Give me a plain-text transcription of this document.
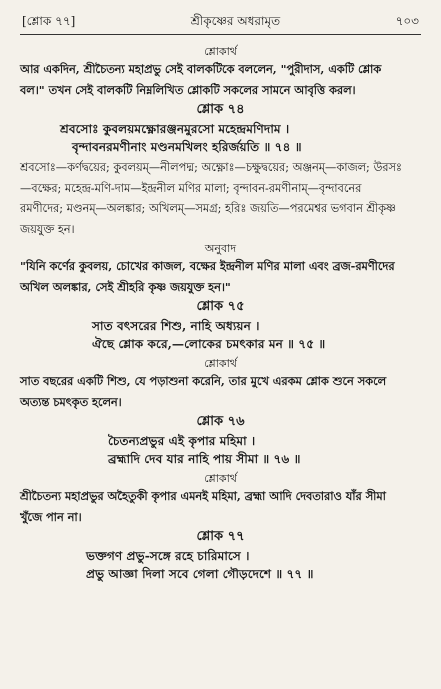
[শ্লোক ৭৭]	শ্রীকৃষ্ণের অধরামৃত	৭০৩
শ্লোকার্থ
আর একদিন, শ্রীচৈতন্য মহাপ্রভু সেই বালকটিকে বললেন, "পুরীদাস, একটি শ্লোক
বল।" তখন সেই বালকটি নিম্নলিখিত শ্লোকটি সকলের সামনে আবৃত্তি করল।
শ্লোক ৭৪
শ্রবসোঃ কুবলয়মক্ষ্ণোরঞ্জনমুরসো মহেন্দ্রমণিদাম ।
বৃন্দাবনরমণীনাং মণ্ডনমখিলং হরির্জয়তি ॥ ৭৪ ॥
শ্রবসোঃ—কর্ণদ্বয়ের; কুবলয়ম্—নীলপদ্ম; অক্ষ্ণোঃ—চক্ষুদ্বয়ের; অঞ্জনম্—কাজল; উরসঃ
—বক্ষের; মহেন্দ্র-মণি-দাম—ইন্দ্রনীল মণির মালা; বৃন্দাবন-রমণীনাম্—বৃন্দাবনের
রমণীদের; মণ্ডনম্—অলঙ্কার; অখিলম্—সমগ্র; হরিঃ জয়তি—পরমেশ্বর ভগবান শ্রীকৃষ্ণ
জয়যুক্ত হন।
অনুবাদ
"যিনি কর্ণের কুবলয়, চোখের কাজল, বক্ষের ইন্দ্রনীল মণির মালা এবং ব্রজ-রমণীদের
অখিল অলঙ্কার, সেই শ্রীহরি কৃষ্ণ জয়যুক্ত হন।"
শ্লোক ৭৫
সাত বৎসরের শিশু, নাহি অধ্যয়ন ।
ঐছে শ্লোক করে,—লোকের চমৎকার মন ॥ ৭৫ ॥
শ্লোকার্থ
সাত বছরের একটি শিশু, যে পড়াশুনা করেনি, তার মুখে এরকম শ্লোক শুনে সকলে
অত্যন্ত চমৎকৃত হলেন।
শ্লোক ৭৬
চৈতন্যপ্রভুর এই কৃপার মহিমা ।
ব্রহ্মাদি দেব যার নাহি পায় সীমা ॥ ৭৬ ॥
শ্লোকার্থ
শ্রীচৈতন্য মহাপ্রভুর অহৈতুকী কৃপার এমনই মহিমা, ব্রহ্মা আদি দেবতারাও যাঁর সীমা
খুঁজে পান না।
শ্লোক ৭৭
ভক্তগণ প্রভু-সঙ্গে রহে চারিমাসে ।
প্রভু আজ্ঞা দিলা সবে গেলা গৌড়দেশে ॥ ৭৭ ॥
